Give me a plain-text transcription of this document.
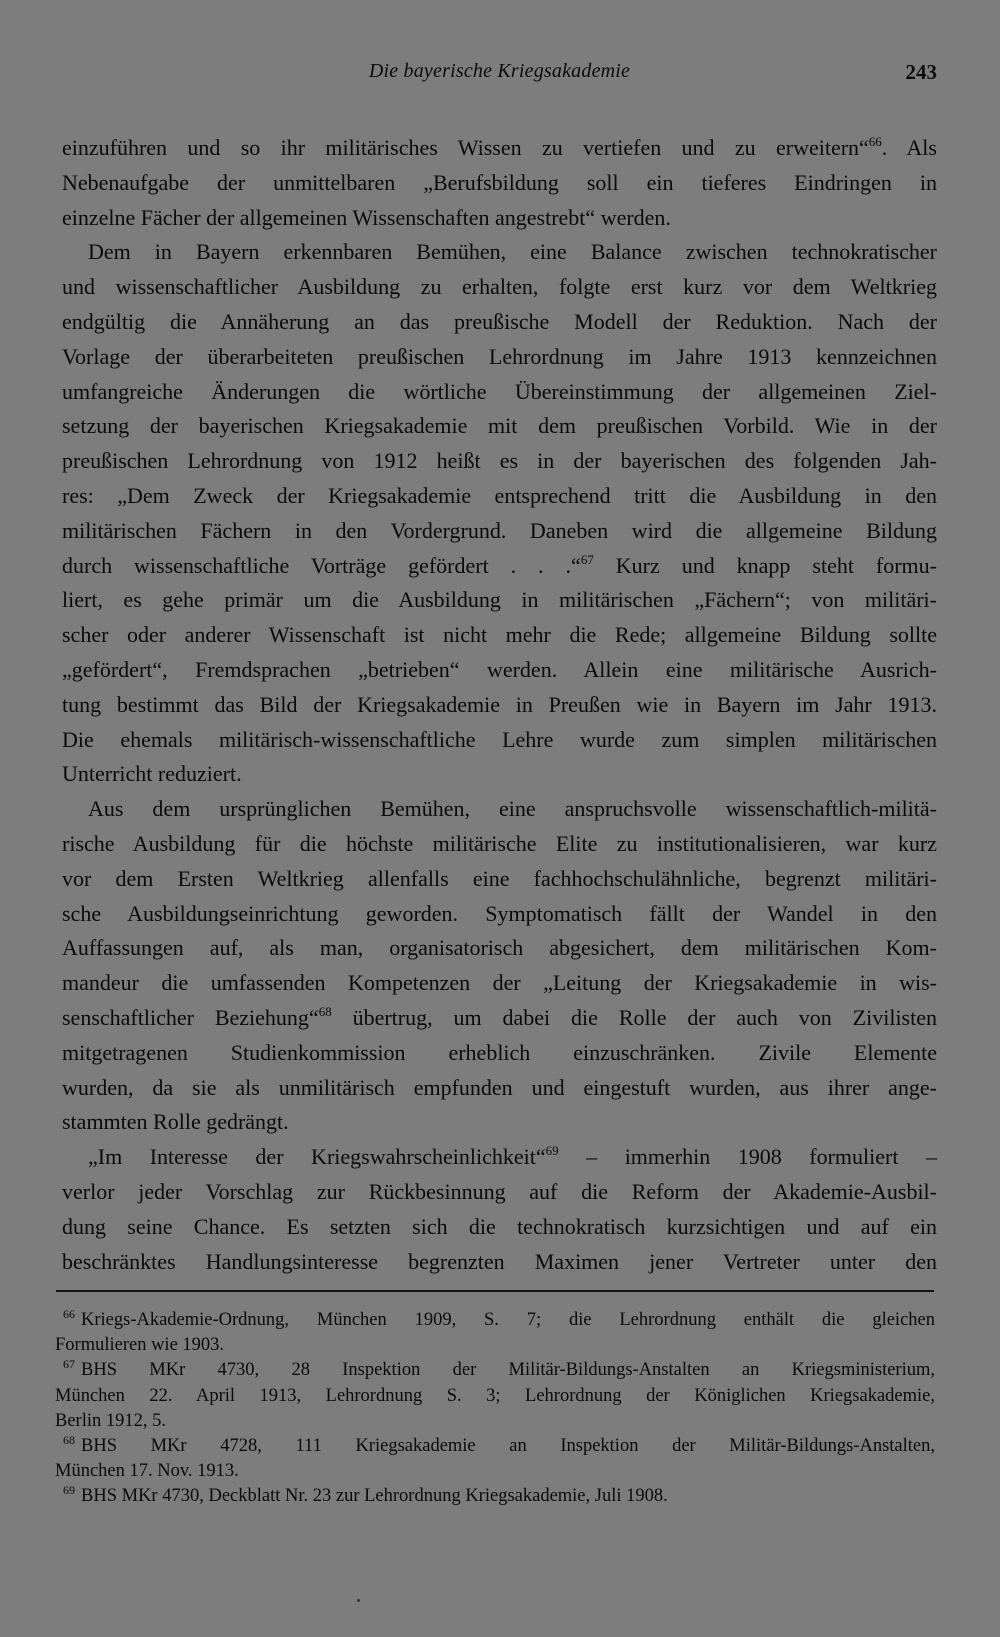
Die bayerische Kriegsakademie	243
einzuführen und so ihr militärisches Wissen zu vertiefen und zu erweitern“$^{66}$. Als
Nebenaufgabe der unmittelbaren „Berufsbildung soll ein tieferes Eindringen in
einzelne Fächer der allgemeinen Wissenschaften angestrebt“ werden.
Dem in Bayern erkennbaren Bemühen, eine Balance zwischen technokratischer
und wissenschaftlicher Ausbildung zu erhalten, folgte erst kurz vor dem Weltkrieg
endgültig die Annäherung an das preußische Modell der Reduktion. Nach der
Vorlage der überarbeiteten preußischen Lehrordnung im Jahre 1913 kennzeichnen
umfangreiche Änderungen die wörtliche Übereinstimmung der allgemeinen Ziel-
setzung der bayerischen Kriegsakademie mit dem preußischen Vorbild. Wie in der
preußischen Lehrordnung von 1912 heißt es in der bayerischen des folgenden Jah-
res: „Dem Zweck der Kriegsakademie entsprechend tritt die Ausbildung in den
militärischen Fächern in den Vordergrund. Daneben wird die allgemeine Bildung
durch wissenschaftliche Vorträge gefördert . . .“$^{67}$ Kurz und knapp steht formu-
liert, es gehe primär um die Ausbildung in militärischen „Fächern“; von militäri-
scher oder anderer Wissenschaft ist nicht mehr die Rede; allgemeine Bildung sollte
„gefördert“, Fremdsprachen „betrieben“ werden. Allein eine militärische Ausrich-
tung bestimmt das Bild der Kriegsakademie in Preußen wie in Bayern im Jahr 1913.
Die ehemals militärisch-wissenschaftliche Lehre wurde zum simplen militärischen
Unterricht reduziert.
Aus dem ursprünglichen Bemühen, eine anspruchsvolle wissenschaftlich-militä-
rische Ausbildung für die höchste militärische Elite zu institutionalisieren, war kurz
vor dem Ersten Weltkrieg allenfalls eine fachhochschulähnliche, begrenzt militäri-
sche Ausbildungseinrichtung geworden. Symptomatisch fällt der Wandel in den
Auffassungen auf, als man, organisatorisch abgesichert, dem militärischen Kom-
mandeur die umfassenden Kompetenzen der „Leitung der Kriegsakademie in wis-
senschaftlicher Beziehung“$^{68}$ übertrug, um dabei die Rolle der auch von Zivilisten
mitgetragenen Studienkommission erheblich einzuschränken. Zivile Elemente
wurden, da sie als unmilitärisch empfunden und eingestuft wurden, aus ihrer ange-
stammten Rolle gedrängt.
„Im Interesse der Kriegswahrscheinlichkeit“$^{69}$ – immerhin 1908 formuliert –
verlor jeder Vorschlag zur Rückbesinnung auf die Reform der Akademie-Ausbil-
dung seine Chance. Es setzten sich die technokratisch kurzsichtigen und auf ein
beschränktes Handlungsinteresse begrenzten Maximen jener Vertreter unter den
$^{66}$ Kriegs-Akademie-Ordnung, München 1909, S. 7; die Lehrordnung enthält die gleichen
Formulieren wie 1903.
$^{67}$ BHS MKr 4730, 28 Inspektion der Militär-Bildungs-Anstalten an Kriegsministerium,
München 22. April 1913, Lehrordnung S. 3; Lehrordnung der Königlichen Kriegsakademie,
Berlin 1912, 5.
$^{68}$ BHS MKr 4728, 111 Kriegsakademie an Inspektion der Militär-Bildungs-Anstalten,
München 17. Nov. 1913.
$^{69}$ BHS MKr 4730, Deckblatt Nr. 23 zur Lehrordnung Kriegsakademie, Juli 1908.
